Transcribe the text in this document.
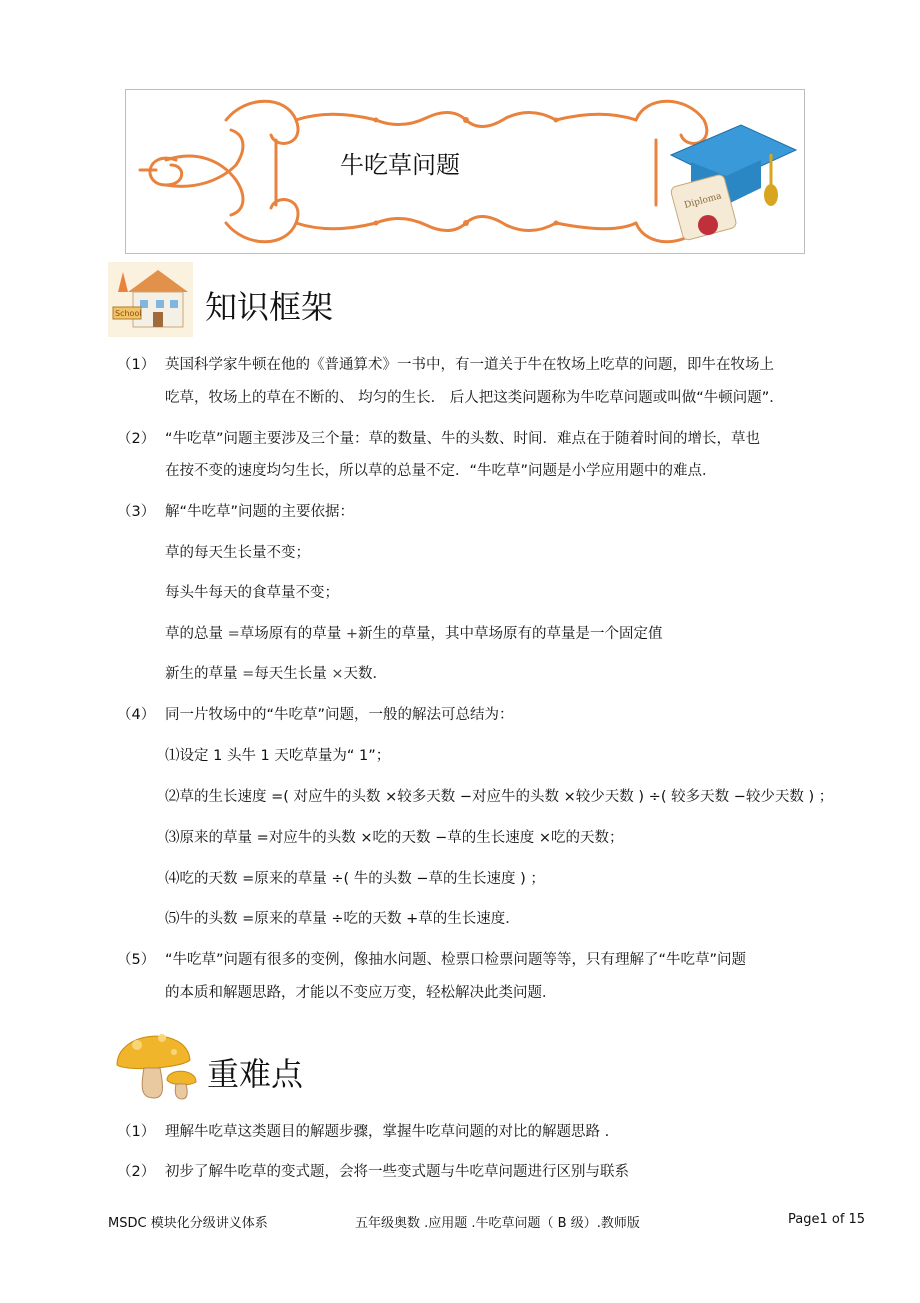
Diploma
牛吃草问题
School 知识框架
（1） 英国科学家牛顿在他的《普通算术》一书中，有一道关于牛在牧场上吃草的问题，即牛在牧场上
吃草，牧场上的草在不断的、 均匀的生长． 后人把这类问题称为牛吃草问题或叫做“牛顿问题”．
（2） “牛吃草”问题主要涉及三个量：草的数量、牛的头数、时间．难点在于随着时间的增长，草也
在按不变的速度均匀生长，所以草的总量不定．“牛吃草”问题是小学应用题中的难点．
（3） 解“牛吃草”问题的主要依据：
草的每天生长量不变；
每头牛每天的食草量不变；
草的总量 =草场原有的草量 +新生的草量，其中草场原有的草量是一个固定值
新生的草量 =每天生长量 ×天数．
（4） 同一片牧场中的“牛吃草”问题，一般的解法可总结为：
⑴设定 1 头牛 1 天吃草量为“ 1”；
⑵草的生长速度 =( 对应牛的头数 ×较多天数 −对应牛的头数 ×较少天数 ) ÷( 较多天数 −较少天数 ) ；
⑶原来的草量 =对应牛的头数 ×吃的天数 −草的生长速度 ×吃的天数；
⑷吃的天数 =原来的草量 ÷( 牛的头数 −草的生长速度 ) ；
⑸牛的头数 =原来的草量 ÷吃的天数 +草的生长速度．
（5） “牛吃草”问题有很多的变例，像抽水问题、检票口检票问题等等，只有理解了“牛吃草”问题
的本质和解题思路，才能以不变应万变，轻松解决此类问题．
重难点
（1） 理解牛吃草这类题目的解题步骤，掌握牛吃草问题的对比的解题思路 .
（2） 初步了解牛吃草的变式题，会将一些变式题与牛吃草问题进行区别与联系
MSDC 模块化分级讲义体系	五年级奥数 .应用题 .牛吃草问题（ B 级）.教师版	Page1 of 15
